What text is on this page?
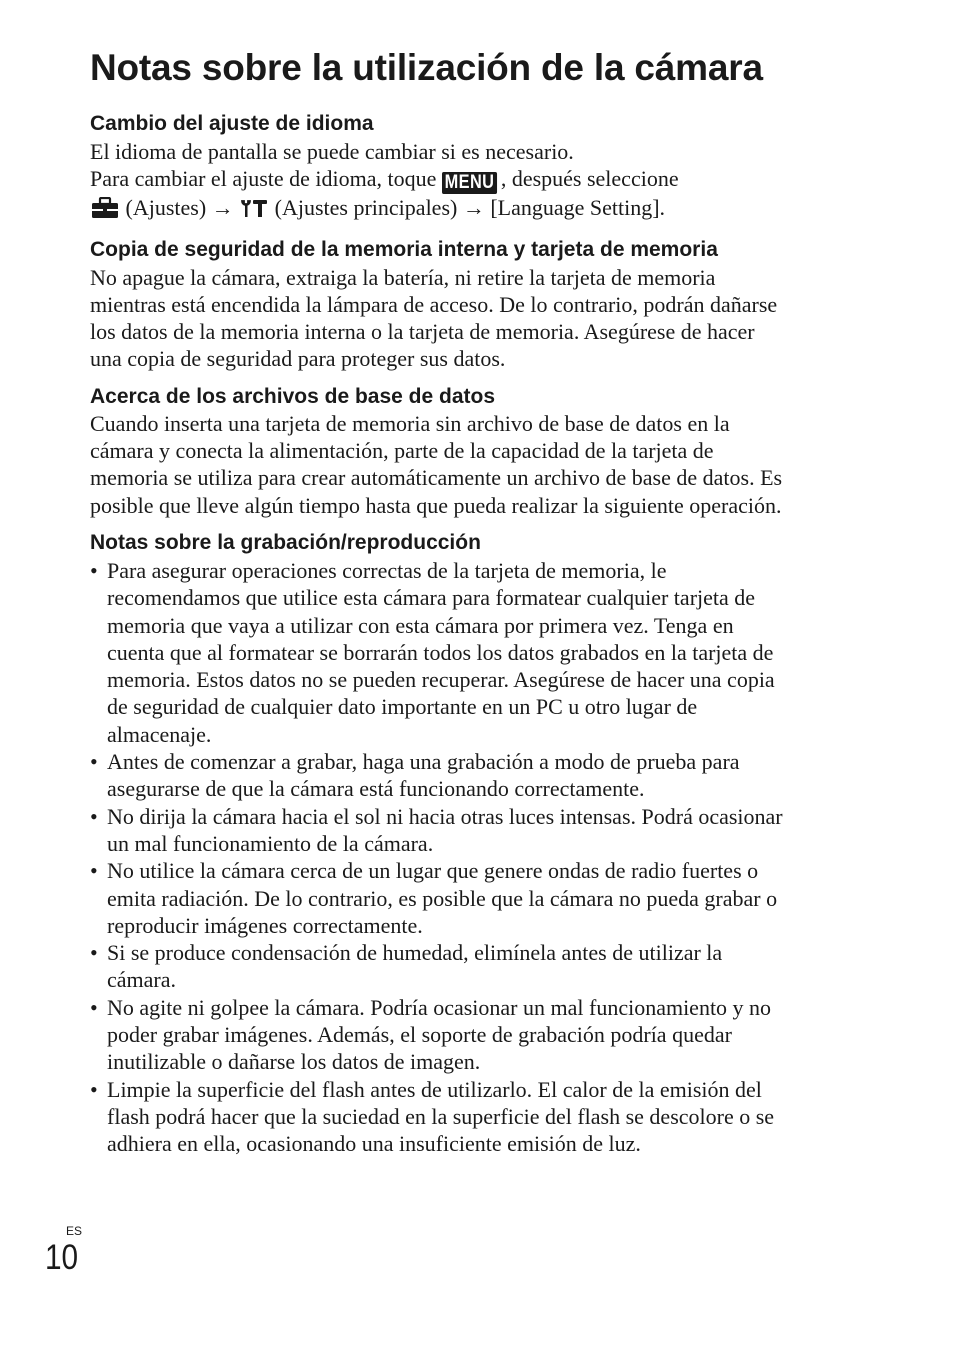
Notas sobre la utilización de la cámara
Cambio del ajuste de idioma

El idioma de pantalla se puede cambiar si es necesario.
Para cambiar el ajuste de idioma, toque MENU , después seleccione
(Ajustes) →  (Ajustes principales) → [Language Setting].

Copia de seguridad de la memoria interna y tarjeta de memoria

No apague la cámara, extraiga la batería, ni retire la tarjeta de memoria
mientras está encendida la lámpara de acceso. De lo contrario, podrán dañarse
los datos de la memoria interna o la tarjeta de memoria. Asegúrese de hacer
una copia de seguridad para proteger sus datos.

Acerca de los archivos de base de datos

Cuando inserta una tarjeta de memoria sin archivo de base de datos en la
cámara y conecta la alimentación, parte de la capacidad de la tarjeta de
memoria se utiliza para crear automáticamente un archivo de base de datos. Es
posible que lleve algún tiempo hasta que pueda realizar la siguiente operación.

Notas sobre la grabación/reproducción
• Para asegurar operaciones correctas de la tarjeta de memoria, le
recomendamos que utilice esta cámara para formatear cualquier tarjeta de
memoria que vaya a utilizar con esta cámara por primera vez. Tenga en
cuenta que al formatear se borrarán todos los datos grabados en la tarjeta de
memoria. Estos datos no se pueden recuperar. Asegúrese de hacer una copia
de seguridad de cualquier dato importante en un PC u otro lugar de
almacenaje.
• Antes de comenzar a grabar, haga una grabación a modo de prueba para
asegurarse de que la cámara está funcionando correctamente.
• No dirija la cámara hacia el sol ni hacia otras luces intensas. Podrá ocasionar
un mal funcionamiento de la cámara.
• No utilice la cámara cerca de un lugar que genere ondas de radio fuertes o
emita radiación. De lo contrario, es posible que la cámara no pueda grabar o
reproducir imágenes correctamente.
• Si se produce condensación de humedad, elimínela antes de utilizar la
cámara.
• No agite ni golpee la cámara. Podría ocasionar un mal funcionamiento y no
poder grabar imágenes. Además, el soporte de grabación podría quedar
inutilizable o dañarse los datos de imagen.
• Limpie la superficie del flash antes de utilizarlo. El calor de la emisión del
flash podrá hacer que la suciedad en la superficie del flash se descolore o se
adhiera en ella, ocasionando una insuficiente emisión de luz.
ES
10
